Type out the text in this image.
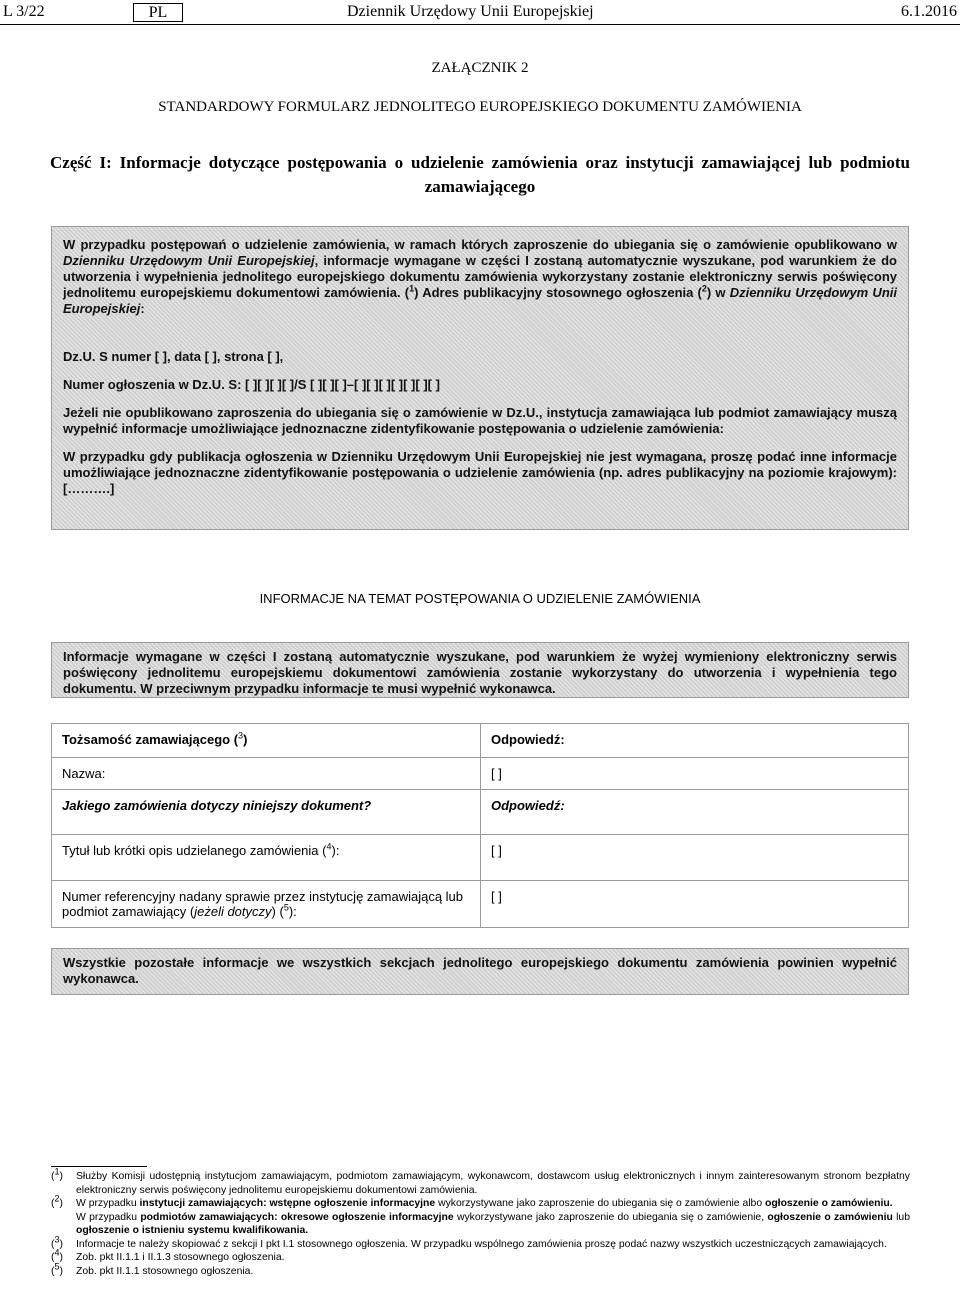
L 3/22	PL	Dziennik Urzędowy Unii Europejskiej	6.1.2016
ZAŁĄCZNIK 2
STANDARDOWY FORMULARZ JEDNOLITEGO EUROPEJSKIEGO DOKUMENTU ZAMÓWIENIA
Część I: Informacje dotyczące postępowania o udzielenie zamówienia oraz instytucji zamawiającej lub podmiotu zamawiającego

W przypadku postępowań o udzielenie zamówienia, w ramach których zaproszenie do ubiegania się o zamówienie opublikowano w Dzienniku Urzędowym Unii Europejskiej, informacje wymagane w części I zostaną automatycznie wyszukane, pod warunkiem że do utworzenia i wypełnienia jednolitego europejskiego dokumentu zamówienia wykorzystany zostanie elektroniczny serwis poświęcony jednolitemu europejskiemu dokumentowi zamówienia. ($^1$) Adres publikacyjny stosownego ogłoszenia ($^2$) w Dzienniku Urzędowym Unii Europejskiej:

Dz.U. S numer [ ], data [ ], strona [ ],

Numer ogłoszenia w Dz.U. S: [ ][ ][ ][ ]/S [ ][ ][ ]–[ ][ ][ ][ ][ ][ ][ ]

Jeżeli nie opublikowano zaproszenia do ubiegania się o zamówienie w Dz.U., instytucja zamawiająca lub podmiot zamawiający muszą wypełnić informacje umożliwiające jednoznaczne zidentyfikowanie postępowania o udzielenie zamówienia:

W przypadku gdy publikacja ogłoszenia w Dzienniku Urzędowym Unii Europejskiej nie jest wymagana, proszę podać inne informacje umożliwiające jednoznaczne zidentyfikowanie postępowania o udzielenie zamówienia (np. adres publikacyjny na poziomie krajowym): [……….]

INFORMACJE NA TEMAT POSTĘPOWANIA O UDZIELENIE ZAMÓWIENIA

Informacje wymagane w części I zostaną automatycznie wyszukane, pod warunkiem że wyżej wymieniony elektroniczny serwis poświęcony jednolitemu europejskiemu dokumentowi zamówienia zostanie wykorzystany do utworzenia i wypełnienia tego dokumentu. W przeciwnym przypadku informacje te musi wypełnić wykonawca.

Tożsamość zamawiającego ($^3$)	Odpowiedź:
Nazwa:	[ ]
Jakiego zamówienia dotyczy niniejszy dokument?	Odpowiedź:
Tytuł lub krótki opis udzielanego zamówienia ($^4$):	[ ]
Numer referencyjny nadany sprawie przez instytucję zamawiającą lub podmiot zamawiający (jeżeli dotyczy) ($^5$):	[ ]

Wszystkie pozostałe informacje we wszystkich sekcjach jednolitego europejskiego dokumentu zamówienia powinien wypełnić wykonawca.

($^1$)	Służby Komisji udostępnią instytucjom zamawiającym, podmiotom zamawiającym, wykonawcom, dostawcom usług elektronicznych i innym zainteresowanym stronom bezpłatny elektroniczny serwis poświęcony jednolitemu europejskiemu dokumentowi zamówienia.
($^2$)	W przypadku instytucji zamawiających: wstępne ogłoszenie informacyjne wykorzystywane jako zaproszenie do ubiegania się o zamówienie albo ogłoszenie o zamówieniu.
W przypadku podmiotów zamawiających: okresowe ogłoszenie informacyjne wykorzystywane jako zaproszenie do ubiegania się o zamówienie, ogłoszenie o zamówieniu lub ogłoszenie o istnieniu systemu kwalifikowania.
($^3$)	Informacje te należy skopiować z sekcji I pkt I.1 stosownego ogłoszenia. W przypadku wspólnego zamówienia proszę podać nazwy wszystkich uczestniczących zamawiających.
($^4$)	Zob. pkt II.1.1 i II.1.3 stosownego ogłoszenia.
($^5$)	Zob. pkt II.1.1 stosownego ogłoszenia.
